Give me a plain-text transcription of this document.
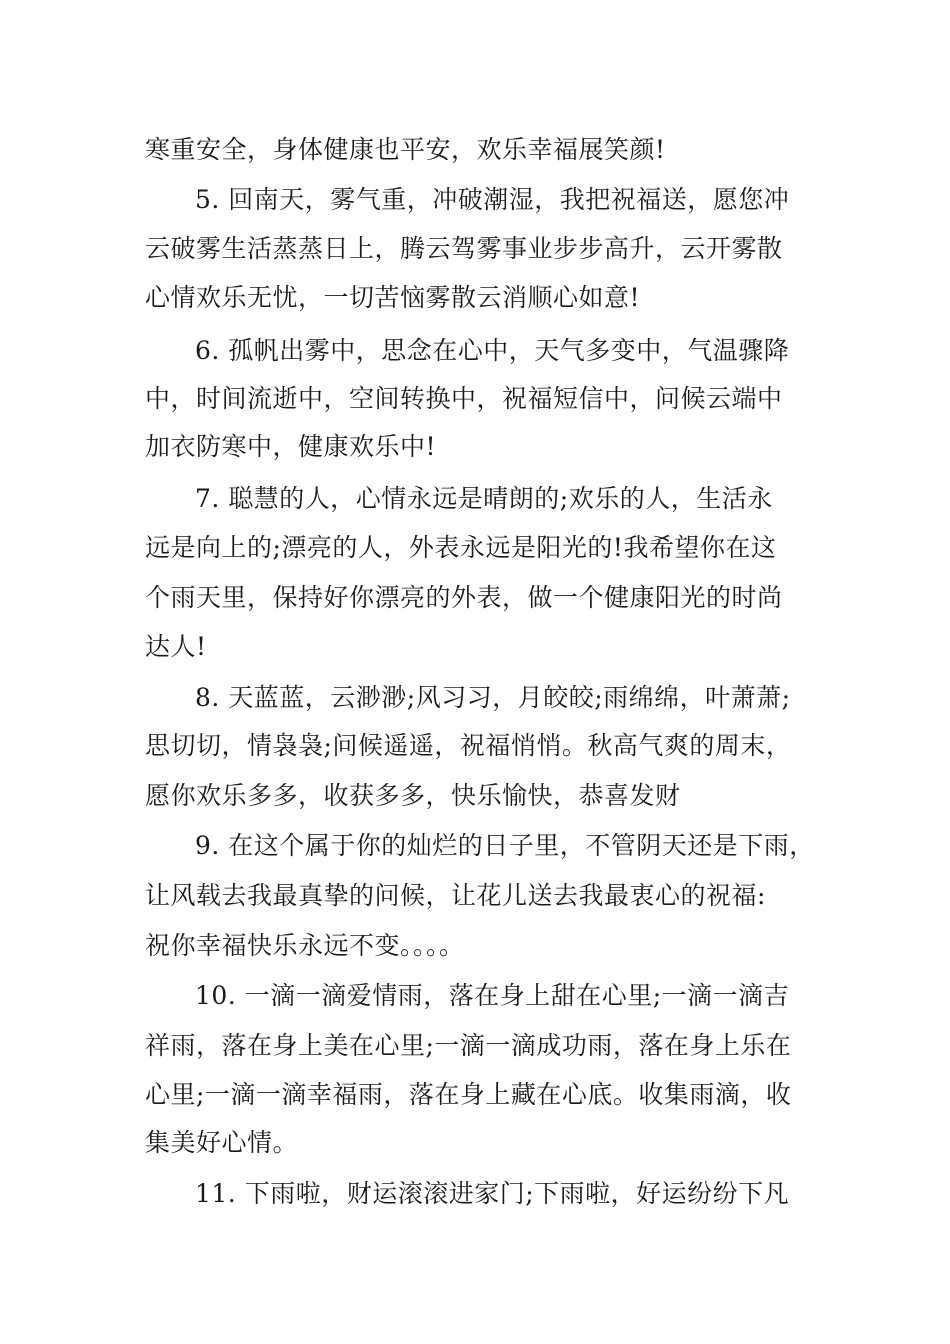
寒重安全，身体健康也平安，欢乐幸福展笑颜!
5. 回南天，雾气重，冲破潮湿，我把祝福送，愿您冲
云破雾生活蒸蒸日上，腾云驾雾事业步步高升，云开雾散
心情欢乐无忧，一切苦恼雾散云消顺心如意!
6. 孤帆出雾中，思念在心中，天气多变中，气温骤降
中，时间流逝中，空间转换中，祝福短信中，问候云端中
加衣防寒中，健康欢乐中!
7. 聪慧的人，心情永远是晴朗的;欢乐的人，生活永
远是向上的;漂亮的人，外表永远是阳光的!我希望你在这
个雨天里，保持好你漂亮的外表，做一个健康阳光的时尚
达人!
8. 天蓝蓝，云渺渺;风习习，月皎皎;雨绵绵，叶萧萧;
思切切，情袅袅;问候遥遥，祝福悄悄。秋高气爽的周末，
愿你欢乐多多，收获多多，快乐愉快，恭喜发财
9. 在这个属于你的灿烂的日子里，不管阴天还是下雨，
让风载去我最真挚的问候，让花儿送去我最衷心的祝福:
祝你幸福快乐永远不变。。。。
10. 一滴一滴爱情雨，落在身上甜在心里;一滴一滴吉
祥雨，落在身上美在心里;一滴一滴成功雨，落在身上乐在
心里;一滴一滴幸福雨，落在身上藏在心底。收集雨滴，收
集美好心情。
11. 下雨啦，财运滚滚进家门;下雨啦，好运纷纷下凡
